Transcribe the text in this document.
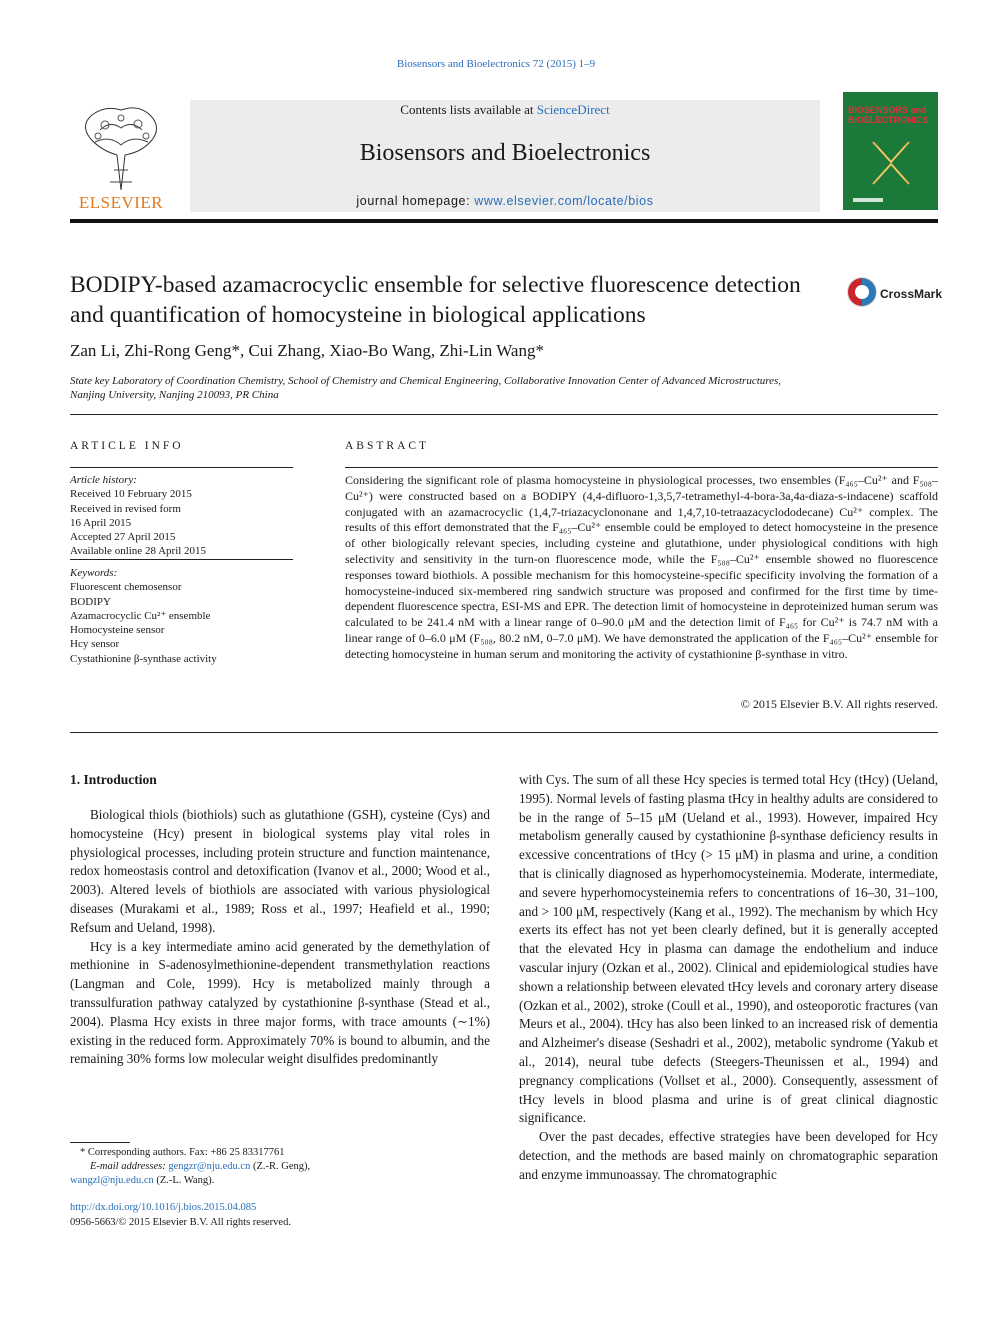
Biosensors and Bioelectronics 72 (2015) 1–9
ELSEVIER
Contents lists available at ScienceDirect
Biosensors and Bioelectronics
journal homepage: www.elsevier.com/locate/bios
BIOSENSORS and BIOELECTRONICS
BODIPY-based azamacrocyclic ensemble for selective fluorescence detection and quantification of homocysteine in biological applications
CrossMark
Zan Li, Zhi-Rong Geng*, Cui Zhang, Xiao-Bo Wang, Zhi-Lin Wang*
State key Laboratory of Coordination Chemistry, School of Chemistry and Chemical Engineering, Collaborative Innovation Center of Advanced Microstructures, Nanjing University, Nanjing 210093, PR China
ARTICLE INFO
Article history:
Received 10 February 2015
Received in revised form
16 April 2015
Accepted 27 April 2015
Available online 28 April 2015
Keywords:
Fluorescent chemosensor
BODIPY
Azamacrocyclic Cu²⁺ ensemble
Homocysteine sensor
Hcy sensor
Cystathionine β-synthase activity
ABSTRACT
Considering the significant role of plasma homocysteine in physiological processes, two ensembles (F₄₆₅–Cu²⁺ and F₅₀₈–Cu²⁺) were constructed based on a BODIPY (4,4-difluoro-1,3,5,7-tetramethyl-4-bora-3a,4a-diaza-s-indacene) scaffold conjugated with an azamacrocyclic (1,4,7-triazacyclononane and 1,4,7,10-tetraazacyclododecane) Cu²⁺ complex. The results of this effort demonstrated that the F₄₆₅–Cu²⁺ ensemble could be employed to detect homocysteine in the presence of other biologically relevant species, including cysteine and glutathione, under physiological conditions with high selectivity and sensitivity in the turn-on fluorescence mode, while the F₅₀₈–Cu²⁺ ensemble showed no fluorescence responses toward biothiols. A possible mechanism for this homocysteine-specific specificity involving the formation of a homocysteine-induced six-membered ring sandwich structure was proposed and confirmed for the first time by time-dependent fluorescence spectra, ESI-MS and EPR. The detection limit of homocysteine in deproteinized human serum was calculated to be 241.4 nM with a linear range of 0–90.0 μM and the detection limit of F₄₆₅ for Cu²⁺ is 74.7 nM with a linear range of 0–6.0 μM (F₅₀₈, 80.2 nM, 0–7.0 μM). We have demonstrated the application of the F₄₆₅–Cu²⁺ ensemble for detecting homocysteine in human serum and monitoring the activity of cystathionine β-synthase in vitro.
© 2015 Elsevier B.V. All rights reserved.
1. Introduction

Biological thiols (biothiols) such as glutathione (GSH), cysteine (Cys) and homocysteine (Hcy) present in biological systems play vital roles in physiological processes, including protein structure and function maintenance, redox homeostasis control and detoxification (Ivanov et al., 2000; Wood et al., 2003). Altered levels of biothiols are associated with various physiological diseases (Murakami et al., 1989; Ross et al., 1997; Heafield et al., 1990; Refsum and Ueland, 1998).

Hcy is a key intermediate amino acid generated by the demethylation of methionine in S-adenosylmethionine-dependent transmethylation reactions (Langman and Cole, 1999). Hcy is metabolized mainly through a transsulfuration pathway catalyzed by cystathionine β-synthase (Stead et al., 2004). Plasma Hcy exists in three major forms, with trace amounts (∼1%) existing in the reduced form. Approximately 70% is bound to albumin, and the remaining 30% forms low molecular weight disulfides predominantly

with Cys. The sum of all these Hcy species is termed total Hcy (tHcy) (Ueland, 1995). Normal levels of fasting plasma tHcy in healthy adults are considered to be in the range of 5–15 μM (Ueland et al., 1993). However, impaired Hcy metabolism generally caused by cystathionine β-synthase deficiency results in excessive concentrations of tHcy (> 15 μM) in plasma and urine, a condition that is clinically diagnosed as hyperhomocysteinemia. Moderate, intermediate, and severe hyperhomocysteinemia refers to concentrations of 16–30, 31–100, and > 100 μM, respectively (Kang et al., 1992). The mechanism by which Hcy exerts its effect has not yet been clearly defined, but it is generally accepted that the elevated Hcy in plasma can damage the endothelium and induce vascular injury (Ozkan et al., 2002). Clinical and epidemiological studies have shown a relationship between elevated tHcy levels and coronary artery disease (Ozkan et al., 2002), stroke (Coull et al., 1990), and osteoporotic fractures (van Meurs et al., 2004). tHcy has also been linked to an increased risk of dementia and Alzheimer's disease (Seshadri et al., 2002), metabolic syndrome (Yakub et al., 2014), neural tube defects (Steegers-Theunissen et al., 1994) and pregnancy complications (Vollset et al., 2000). Consequently, assessment of tHcy levels in blood plasma and urine is of great clinical diagnostic significance.

Over the past decades, effective strategies have been developed for Hcy detection, and the methods are based mainly on chromatographic separation and enzyme immunoassay. The chromatographic

* Corresponding authors. Fax: +86 25 83317761
E-mail addresses: gengzr@nju.edu.cn (Z.-R. Geng),
wangzl@nju.edu.cn (Z.-L. Wang).
http://dx.doi.org/10.1016/j.bios.2015.04.085
0956-5663/© 2015 Elsevier B.V. All rights reserved.
